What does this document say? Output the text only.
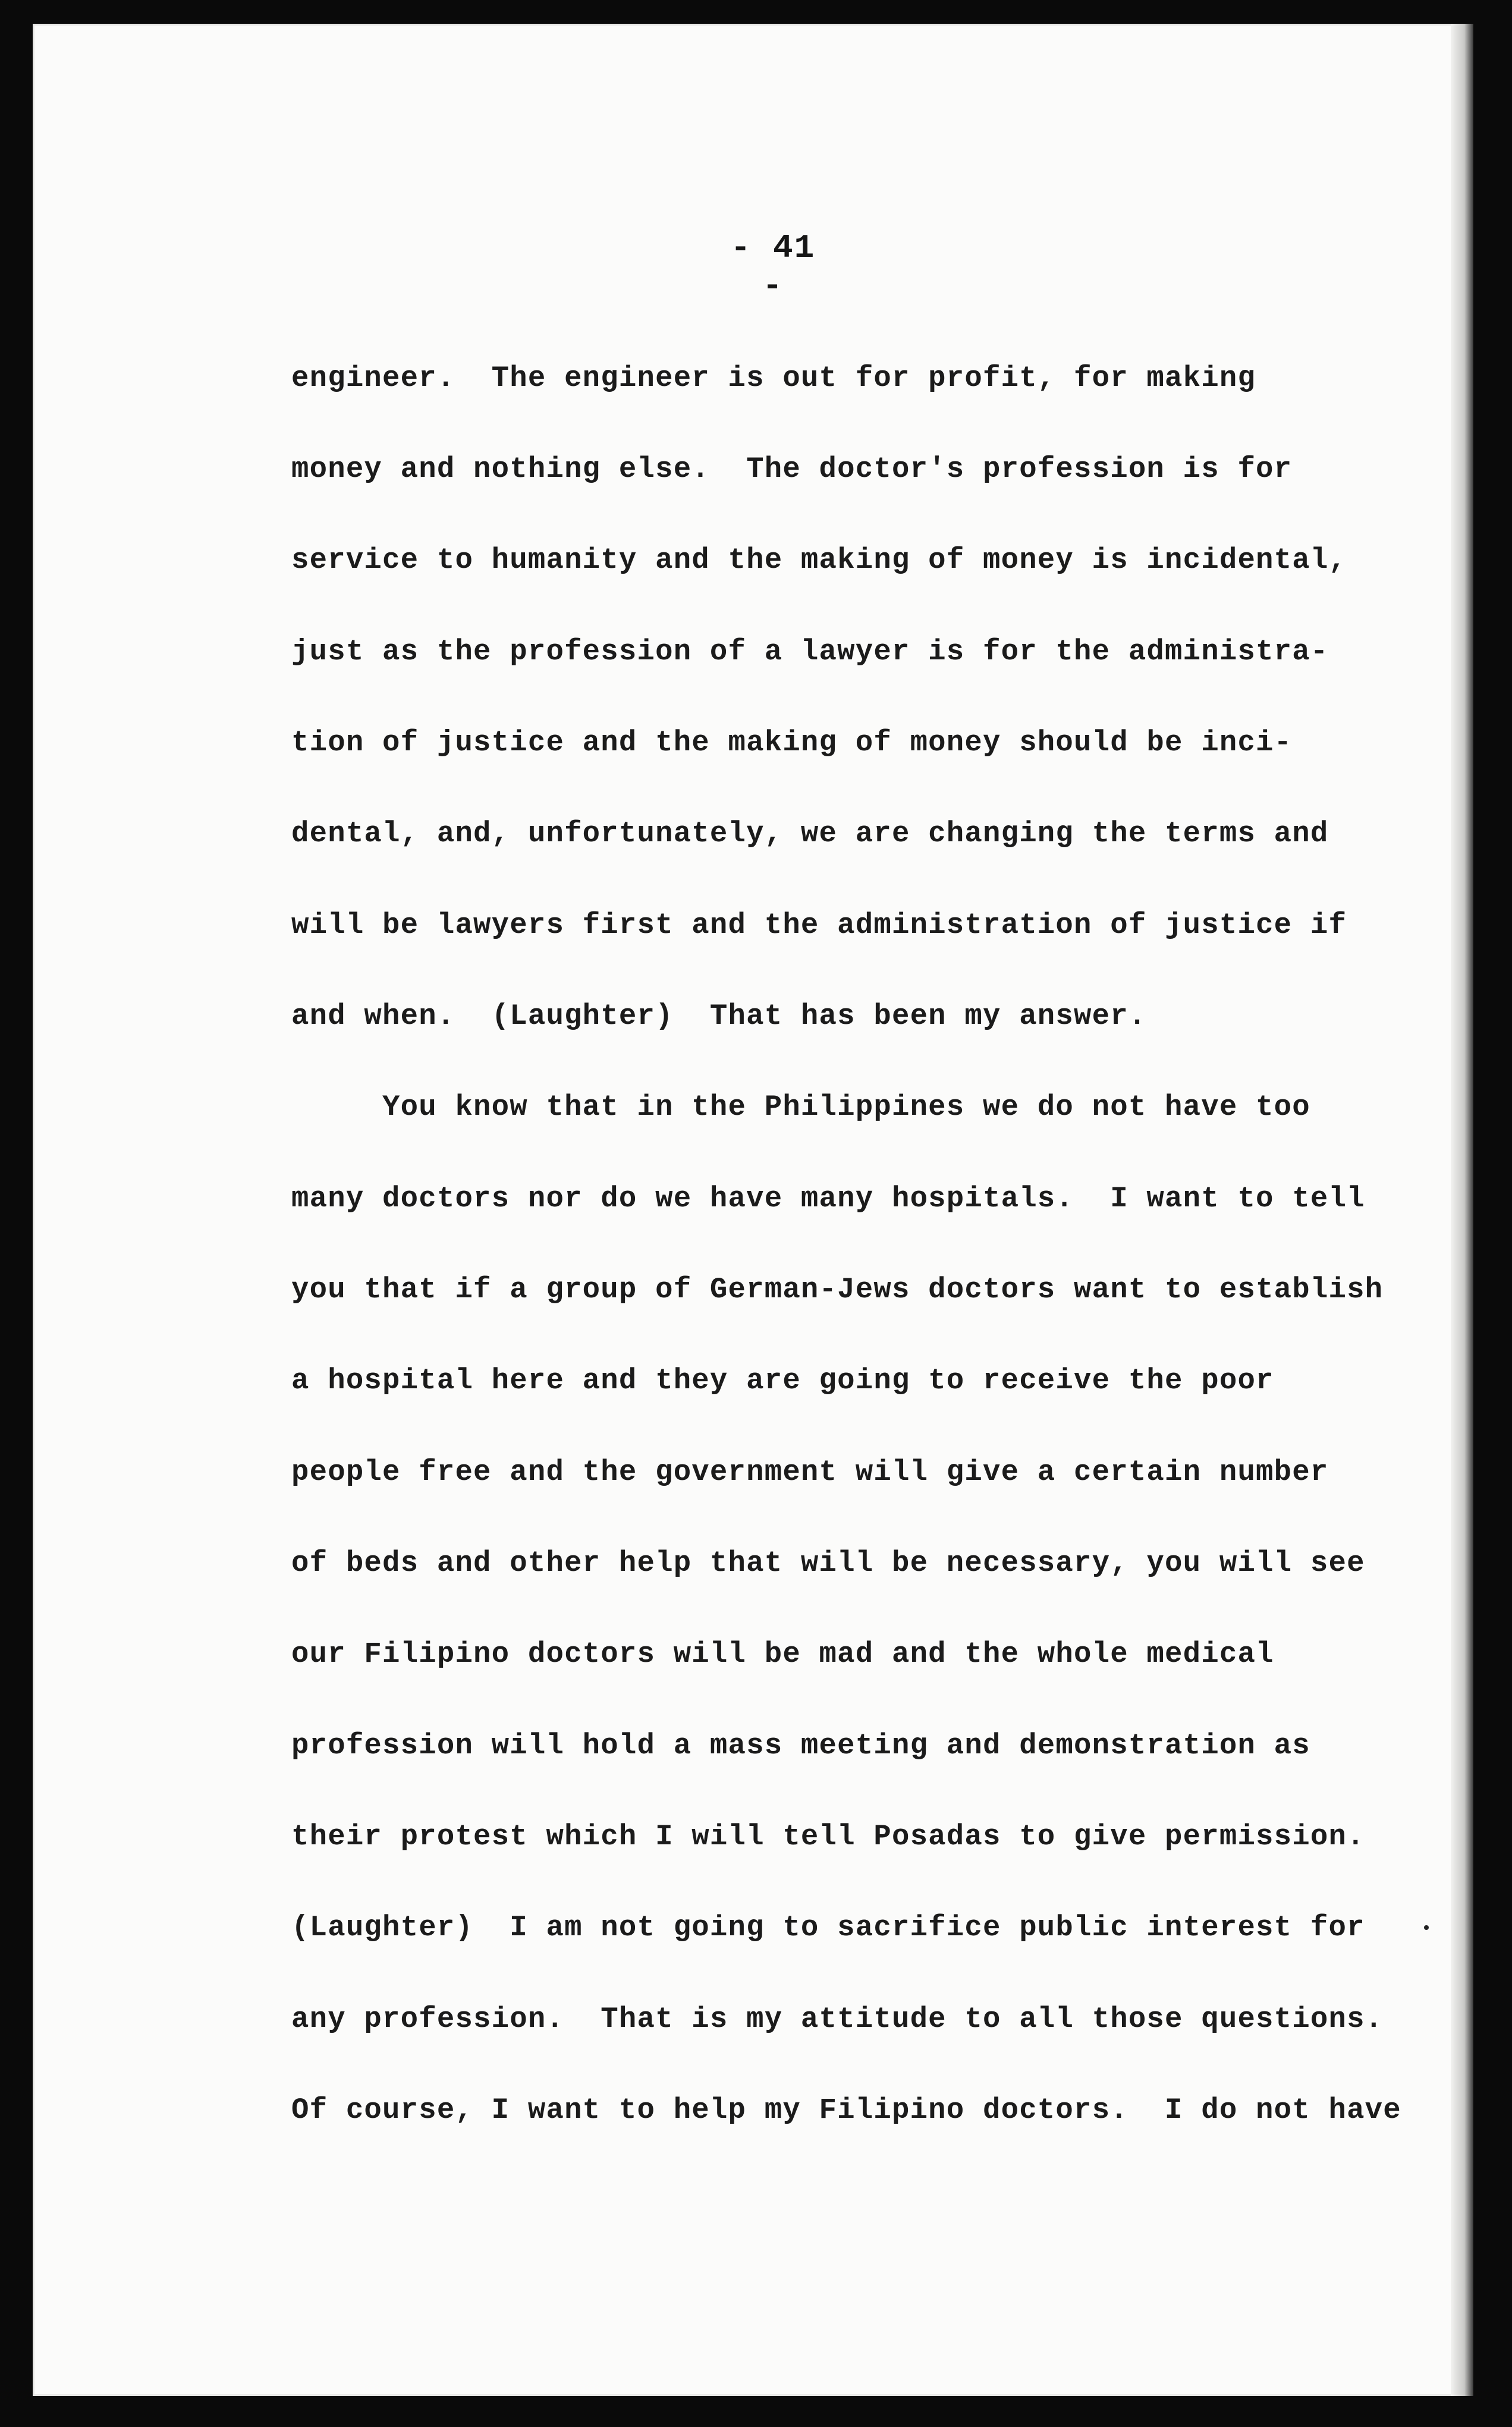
- 41 -
engineer.  The engineer is out for profit, for making
money and nothing else.  The doctor's profession is for
service to humanity and the making of money is incidental,
just as the profession of a lawyer is for the administra-
tion of justice and the making of money should be inci-
dental, and, unfortunately, we are changing the terms and
will be lawyers first and the administration of justice if
and when.  (Laughter)  That has been my answer.
You know that in the Philippines we do not have too
many doctors nor do we have many hospitals.  I want to tell
you that if a group of German-Jews doctors want to establish
a hospital here and they are going to receive the poor
people free and the government will give a certain number
of beds and other help that will be necessary, you will see
our Filipino doctors will be mad and the whole medical
profession will hold a mass meeting and demonstration as
their protest which I will tell Posadas to give permission.
(Laughter)  I am not going to sacrifice public interest for
any profession.  That is my attitude to all those questions.
Of course, I want to help my Filipino doctors.  I do not have
